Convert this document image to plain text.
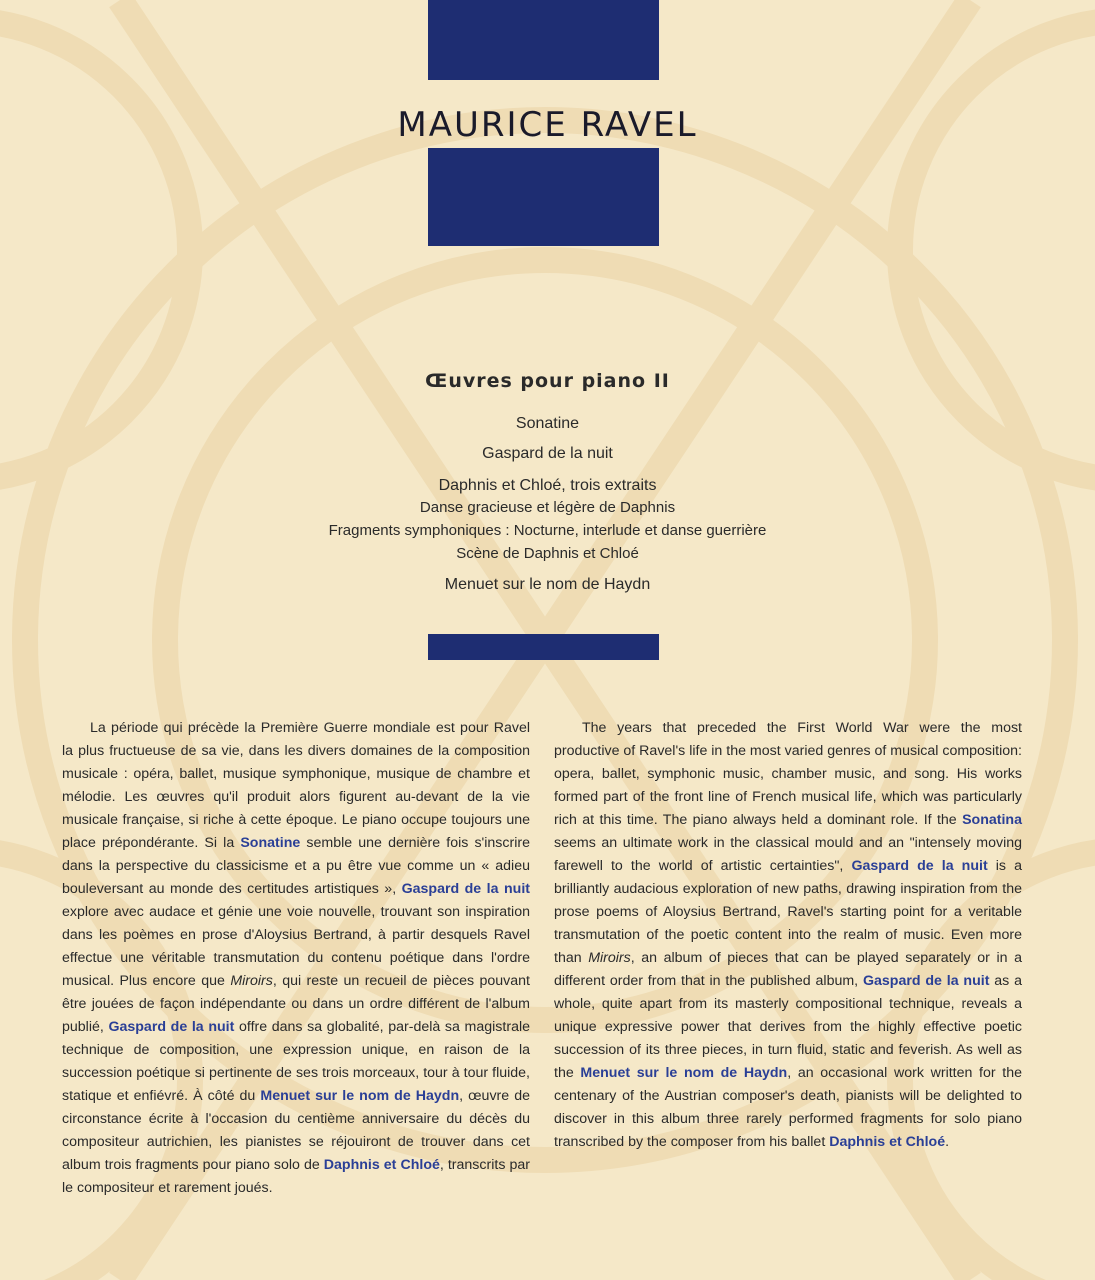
MAURICE RAVEL
Œuvres pour piano II
Sonatine
Gaspard de la nuit
Daphnis et Chloé, trois extraits
Danse gracieuse et légère de Daphnis
Fragments symphoniques : Nocturne, interlude et danse guerrière
Scène de Daphnis et Chloé
Menuet sur le nom de Haydn

La période qui précède la Première Guerre mondiale est pour Ravel la plus fructueuse de sa vie, dans les divers domaines de la composition musicale : opéra, ballet, musique symphonique, musique de chambre et mélodie. Les œuvres qu'il produit alors figurent au-devant de la vie musicale française, si riche à cette époque. Le piano occupe toujours une place prépondérante. Si la Sonatine semble une dernière fois s'inscrire dans la perspective du classicisme et a pu être vue comme un « adieu bouleversant au monde des certitudes artistiques », Gaspard de la nuit explore avec audace et génie une voie nouvelle, trouvant son inspiration dans les poèmes en prose d'Aloysius Bertrand, à partir desquels Ravel effectue une véritable transmutation du contenu poétique dans l'ordre musical. Plus encore que Miroirs, qui reste un recueil de pièces pouvant être jouées de façon indépendante ou dans un ordre différent de l'album publié, Gaspard de la nuit offre dans sa globalité, par-delà sa magistrale technique de composition, une expression unique, en raison de la succession poétique si pertinente de ses trois morceaux, tour à tour fluide, statique et enfiévré. À côté du Menuet sur le nom de Haydn, œuvre de circonstance écrite à l'occasion du centième anniversaire du décès du compositeur autrichien, les pianistes se réjouiront de trouver dans cet album trois fragments pour piano solo de Daphnis et Chloé, transcrits par le compositeur et rarement joués.

The years that preceded the First World War were the most productive of Ravel's life in the most varied genres of musical composition: opera, ballet, symphonic music, chamber music, and song. His works formed part of the front line of French musical life, which was particularly rich at this time. The piano always held a dominant role. If the Sonatina seems an ultimate work in the classical mould and an "intensely moving farewell to the world of artistic certainties", Gaspard de la nuit is a brilliantly audacious exploration of new paths, drawing inspiration from the prose poems of Aloysius Bertrand, Ravel's starting point for a veritable transmutation of the poetic content into the realm of music. Even more than Miroirs, an album of pieces that can be played separately or in a different order from that in the published album, Gaspard de la nuit as a whole, quite apart from its masterly compositional technique, reveals a unique expressive power that derives from the highly effective poetic succession of its three pieces, in turn fluid, static and feverish. As well as the Menuet sur le nom de Haydn, an occasional work written for the centenary of the Austrian composer's death, pianists will be delighted to discover in this album three rarely performed fragments for solo piano transcribed by the composer from his ballet Daphnis et Chloé.
